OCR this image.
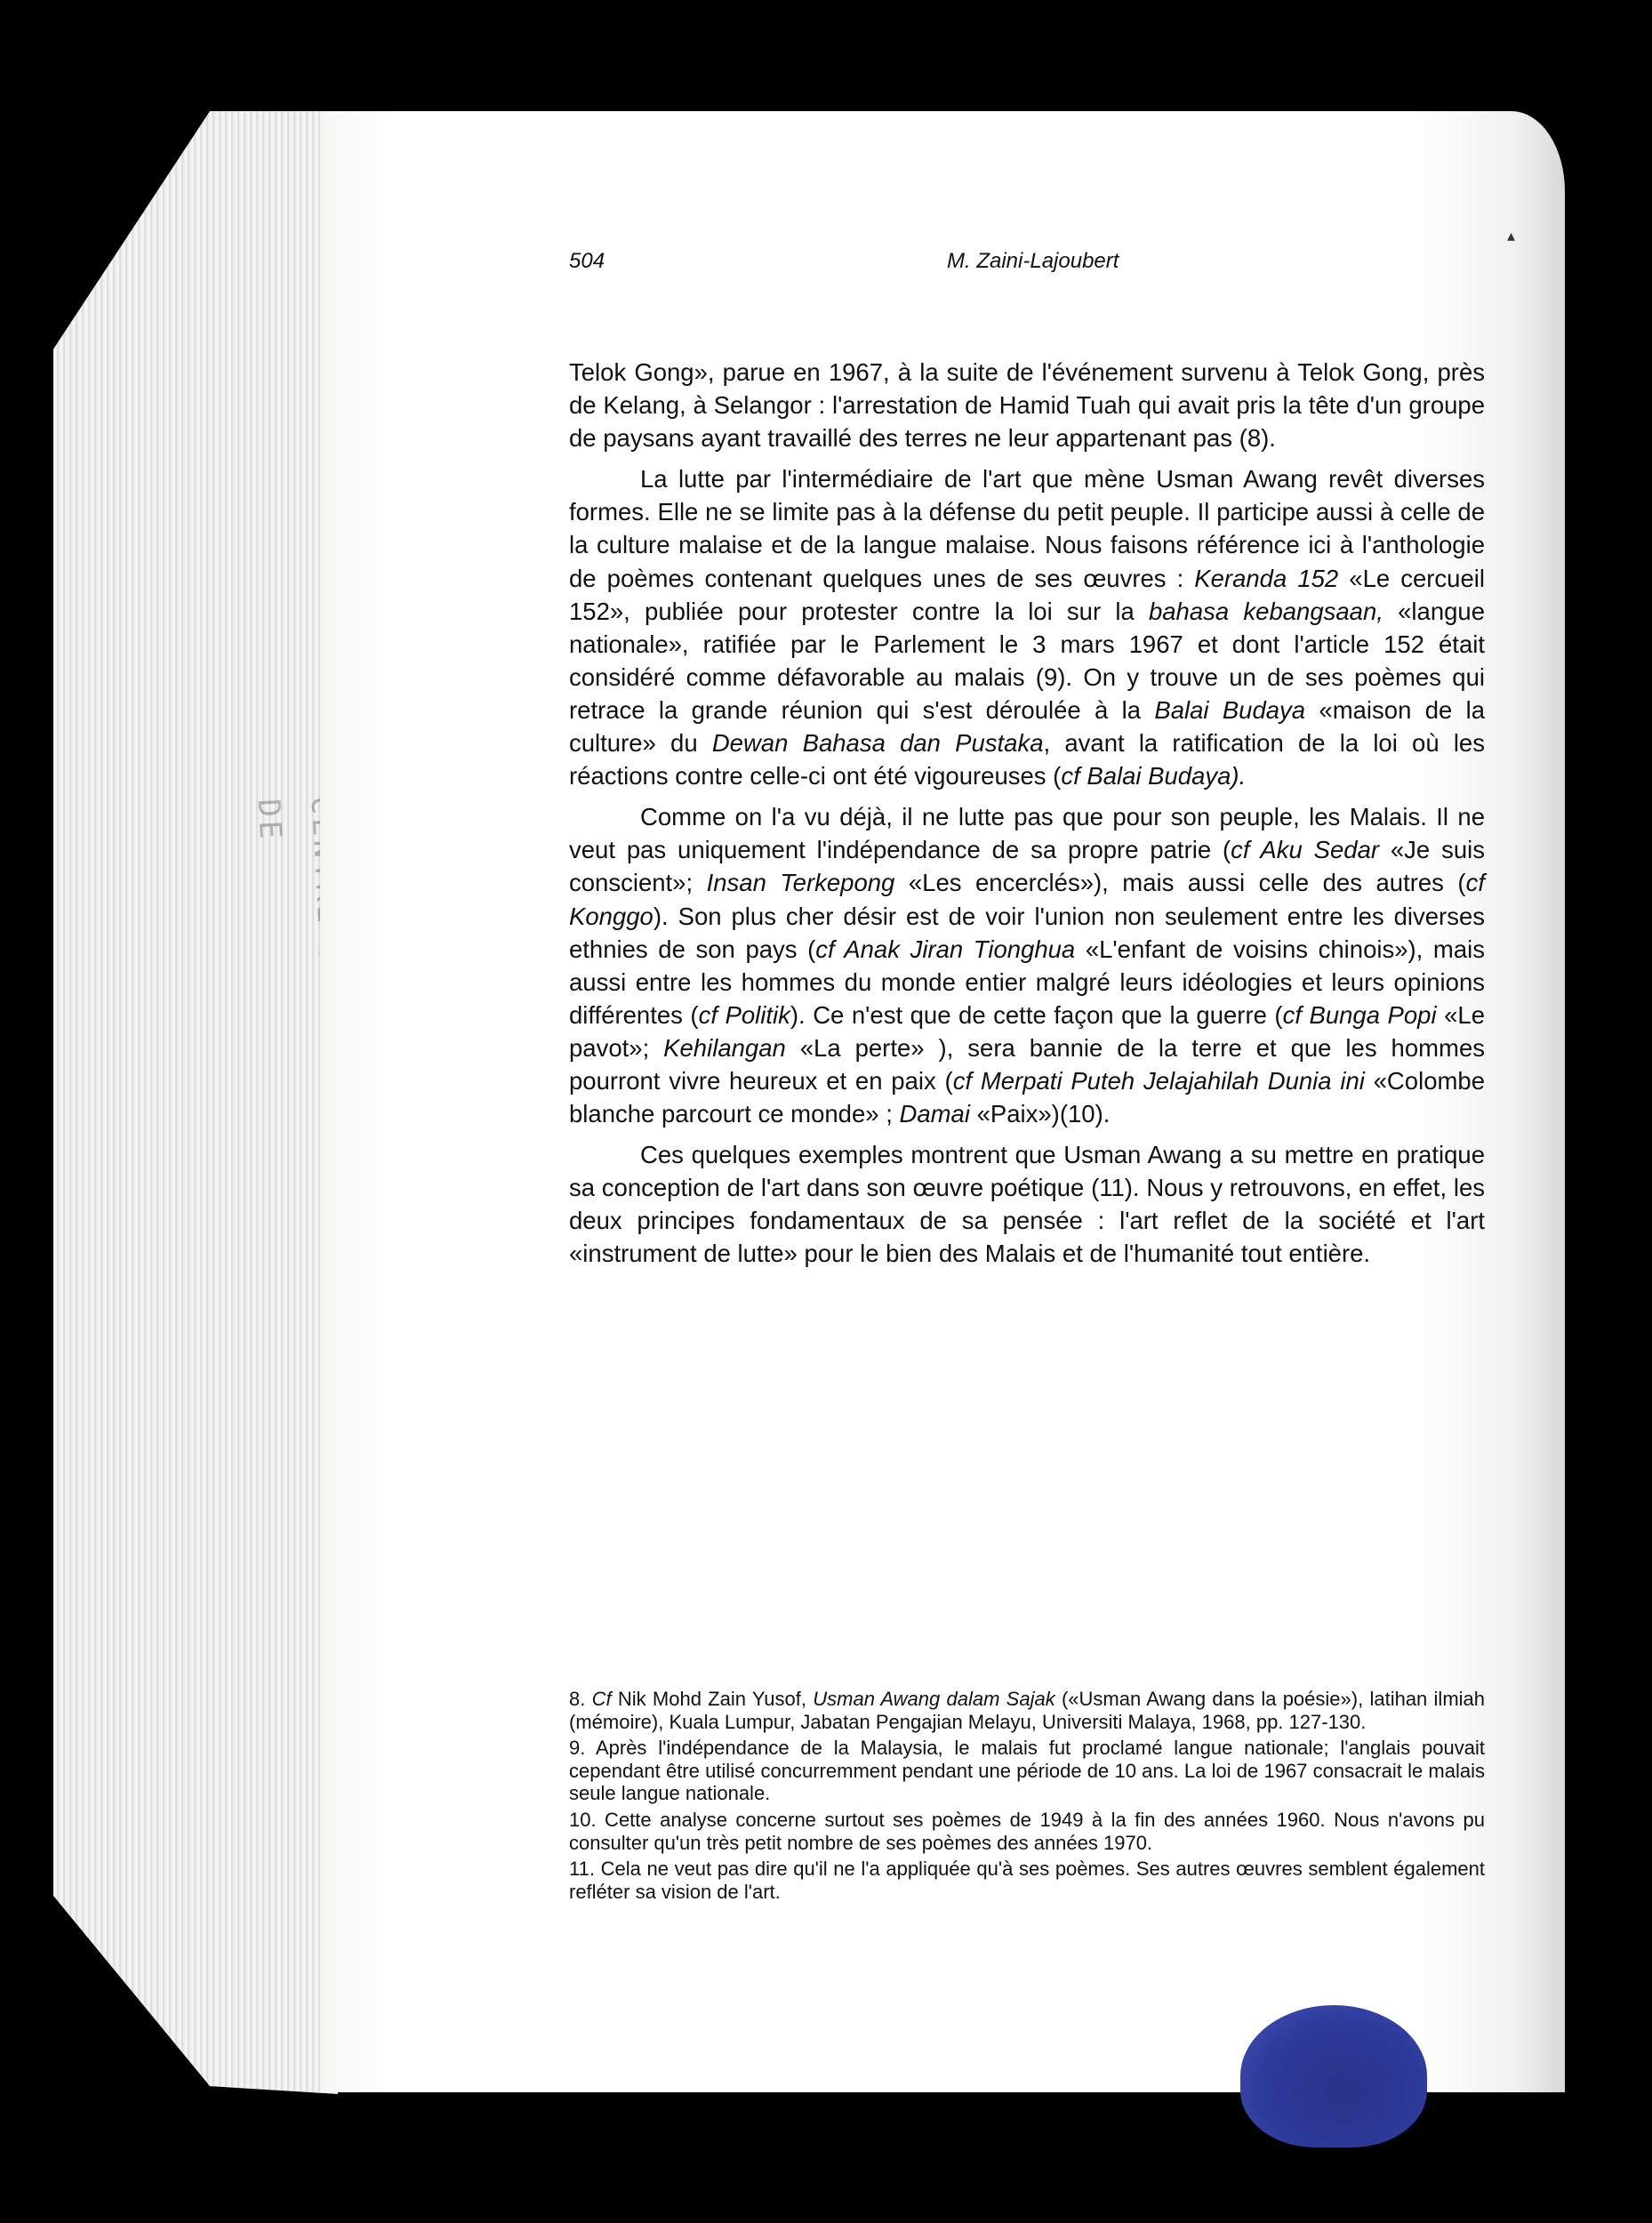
DE
▴
504	M. Zaini-Lajoubert

Telok Gong», parue en 1967, à la suite de l'événement survenu à Telok Gong, près de Kelang, à Selangor : l'arrestation de Hamid Tuah qui avait pris la tête d'un groupe de paysans ayant travaillé des terres ne leur appartenant pas (8).

La lutte par l'intermédiaire de l'art que mène Usman Awang revêt diverses formes. Elle ne se limite pas à la défense du petit peuple. Il participe aussi à celle de la culture malaise et de la langue malaise. Nous faisons référence ici à l'anthologie de poèmes contenant quelques unes de ses œuvres : Keranda 152 «Le cercueil 152», publiée pour protester contre la loi sur la bahasa kebangsaan, «langue nationale», ratifiée par le Parlement le 3 mars 1967 et dont l'article 152 était considéré comme défavorable au malais (9). On y trouve un de ses poèmes qui retrace la grande réunion qui s'est déroulée à la Balai Budaya «maison de la culture» du Dewan Bahasa dan Pustaka, avant la ratification de la loi où les réactions contre celle-ci ont été vigoureuses (cf Balai Budaya).

Comme on l'a vu déjà, il ne lutte pas que pour son peuple, les Malais. Il ne veut pas uniquement l'indépendance de sa propre patrie (cf Aku Sedar «Je suis conscient»; Insan Terkepong «Les encerclés»), mais aussi celle des autres (cf Konggo). Son plus cher désir est de voir l'union non seulement entre les diverses ethnies de son pays (cf Anak Jiran Tionghua «L'enfant de voisins chinois»), mais aussi entre les hommes du monde entier malgré leurs idéologies et leurs opinions différentes (cf Politik). Ce n'est que de cette façon que la guerre (cf Bunga Popi «Le pavot»; Kehilangan «La perte» ), sera bannie de la terre et que les hommes pourront vivre heureux et en paix (cf Merpati Puteh Jelajahilah Dunia ini «Colombe blanche parcourt ce monde» ; Damai «Paix»)(10).

Ces quelques exemples montrent que Usman Awang a su mettre en pratique sa conception de l'art dans son œuvre poétique (11). Nous y retrouvons, en effet, les deux principes fondamentaux de sa pensée : l'art reflet de la société et l'art «instrument de lutte» pour le bien des Malais et de l'humanité tout entière.

8. Cf Nik Mohd Zain Yusof, Usman Awang dalam Sajak («Usman Awang dans la poésie»), latihan ilmiah (mémoire), Kuala Lumpur, Jabatan Pengajian Melayu, Universiti Malaya, 1968, pp. 127-130.

9. Après l'indépendance de la Malaysia, le malais fut proclamé langue nationale; l'anglais pouvait cependant être utilisé concurremment pendant une période de 10 ans. La loi de 1967 consacrait le malais seule langue nationale.

10. Cette analyse concerne surtout ses poèmes de 1949 à la fin des années 1960. Nous n'avons pu consulter qu'un très petit nombre de ses poèmes des années 1970.

11. Cela ne veut pas dire qu'il ne l'a appliquée qu'à ses poèmes. Ses autres œuvres semblent également refléter sa vision de l'art.
